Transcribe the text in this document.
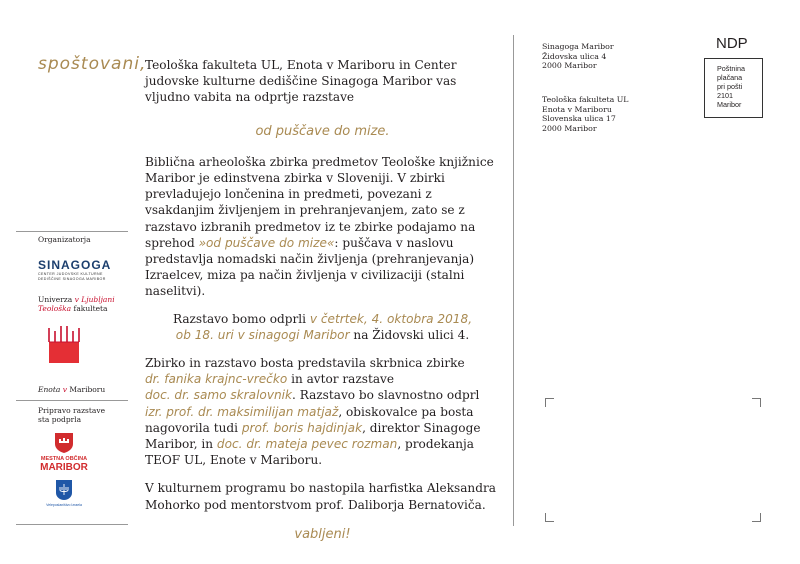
spoštovani,

Teološka fakulteta UL, Enota v Mariboru in Center judovske kulturne dediščine Sinagoga Maribor vas vljudno vabita na odprtje razstave

od puščave do mize.

Biblična arheološka zbirka predmetov Teološke knjižnice Maribor je edinstvena zbirka v Sloveniji. V zbirki prevladujejo lončenina in predmeti, povezani z vsakdanjim življenjem in prehranjevanjem, zato se z razstavo izbranih predmetov iz te zbirke podajamo na sprehod »od puščave do mize«: puščava v naslovu predstavlja nomadski način življenja (prehranjevanja) Izraelcev, miza pa način življenja v civilizaciji (stalni naselitvi).

Razstavo bomo odprli v četrtek, 4. oktobra 2018,
ob 18. uri v sinagogi Maribor na Židovski ulici 4.

Zbirko in razstavo bosta predstavila skrbnica zbirke
dr. fanika krajnc-vrečko in avtor razstave
doc. dr. samo skralovnik. Razstavo bo slavnostno odprl
izr. prof. dr. maksimilijan matjaž, obiskovalce pa bosta nagovorila tudi prof. boris hajdinjak, direktor Sinagoge Maribor, in doc. dr. mateja pevec rozman, prodekanja TEOF UL, Enote v Mariboru.

V kulturnem programu bo nastopila harfistka Aleksandra Mohorko pod mentorstvom prof. Daliborja Bernatoviča.

vabljeni!

Organizatorja
SINAGOGA
CENTER JUDOVSKE KULTURNE
DEDIŠČINE SINAGOGA MARIBOR
Univerza v Ljubljani
Teološka fakulteta
Enota v Mariboru
Pripravo razstave sta podprla
MESTNA OBČINA
MARIBOR
Veleposlaništvo Izraela
Sinagoga Maribor
Židovska ulica 4
2000 Maribor
Teološka fakulteta UL
Enota v Mariboru
Slovenska ulica 17
2000 Maribor
NDP
Poštnina
plačana
pri pošti
2101
Maribor
